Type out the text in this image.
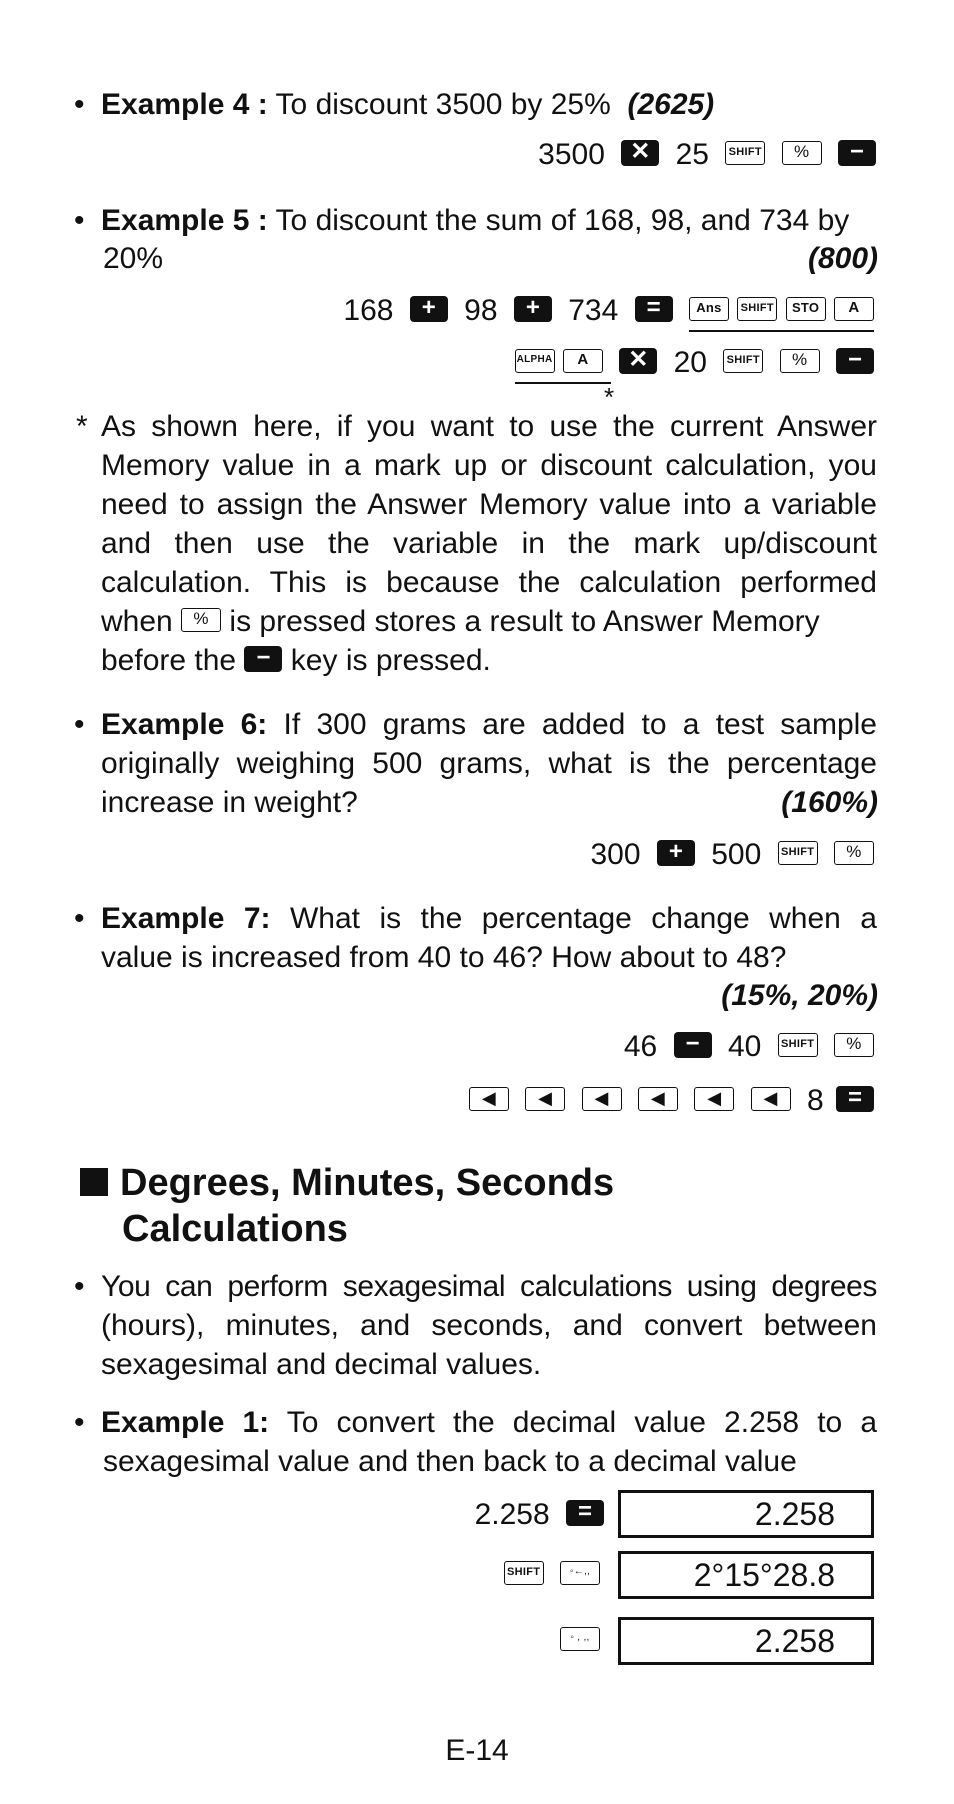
• Example 4 : To discount 3500 by 25% (2625)
3500 ✕ 25 SHIFT % −
• Example 5 : To discount the sum of 168, 98, and 734 by
20%	(800)
168 + 98 + 734 =	Ans SHIFT STO A
ALPHA A ✕ 20 SHIFT % −
*
* As shown here, if you want to use the current Answer
Memory value in a mark up or discount calculation, you
need to assign the Answer Memory value into a variable
and then use the variable in the mark up/discount
calculation. This is because the calculation performed
when % is pressed stores a result to Answer Memory
before the − key is pressed.
• Example 6: If 300 grams are added to a test sample
originally weighing 500 grams, what is the percentage
increase in weight?	(160%)
300 + 500 SHIFT %
• Example 7: What is the percentage change when a
value is increased from 40 to 46? How about to 48?
(15%, 20%)
46 − 40 SHIFT %
◀ ◀ ◀ ◀ ◀ ◀ 8 =
Degrees, Minutes, Seconds
Calculations
• You can perform sexagesimal calculations using degrees
(hours), minutes, and seconds, and convert between
sexagesimal and decimal values.
• Example 1: To convert the decimal value 2.258 to a
sexagesimal value and then back to a decimal value
2.258 =	2.258
SHIFT	◦←,,	2°15°28.8
◦ , ,,	2.258
E-14
